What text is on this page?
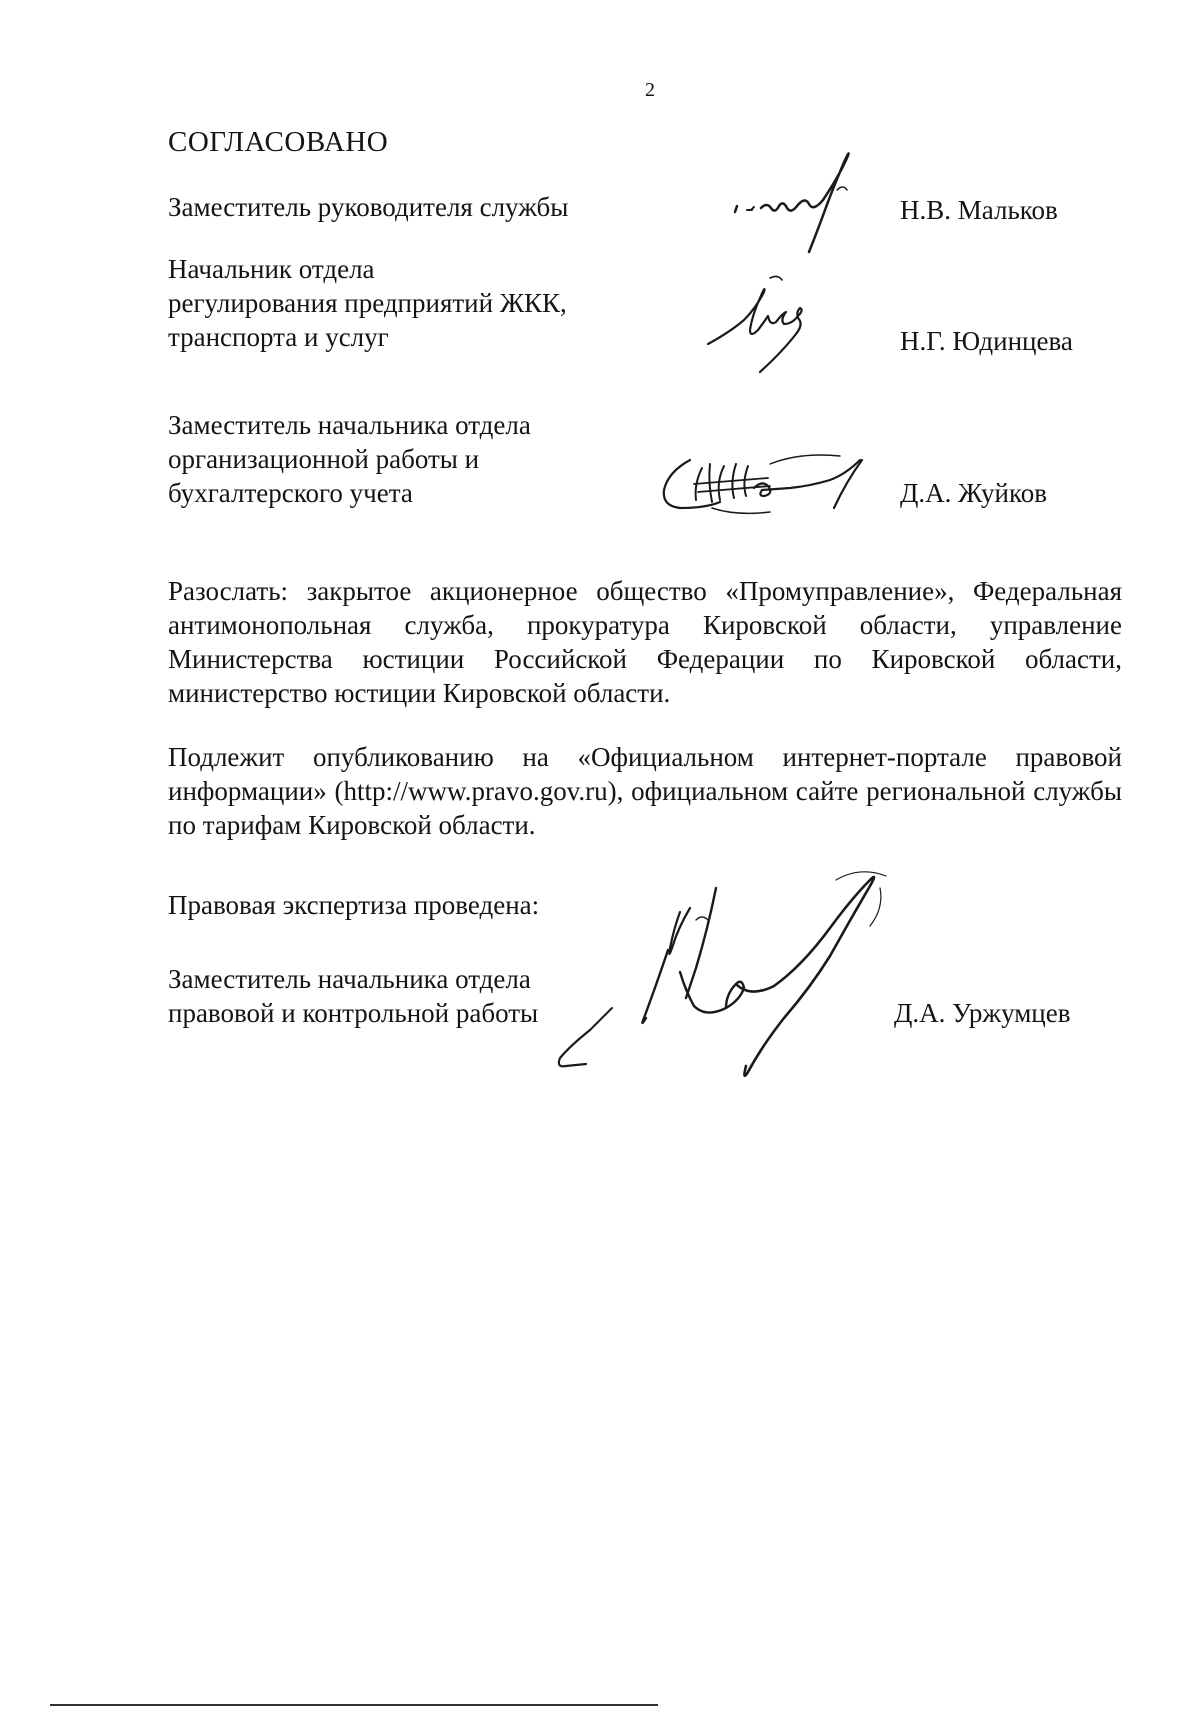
2
СОГЛАСОВАНО
Заместитель руководителя службы	Н.В. Мальков
Начальник отдела
регулирования предприятий ЖКК,
транспорта и услуг	Н.Г. Юдинцева
Заместитель начальника отдела
организационной работы и
бухгалтерского учета	Д.А. Жуйков
Разослать: закрытое акционерное общество «Промуправление», Федеральная антимонопольная служба, прокуратура Кировской области, управление Министерства юстиции Российской Федерации по Кировской области, министерство юстиции Кировской области.
Подлежит опубликованию на «Официальном интернет-портале правовой информации» (http://www.pravo.gov.ru), официальном сайте региональной службы по тарифам Кировской области.
Правовая экспертиза проведена:
Заместитель начальника отдела
правовой и контрольной работы	Д.А. Уржумцев
